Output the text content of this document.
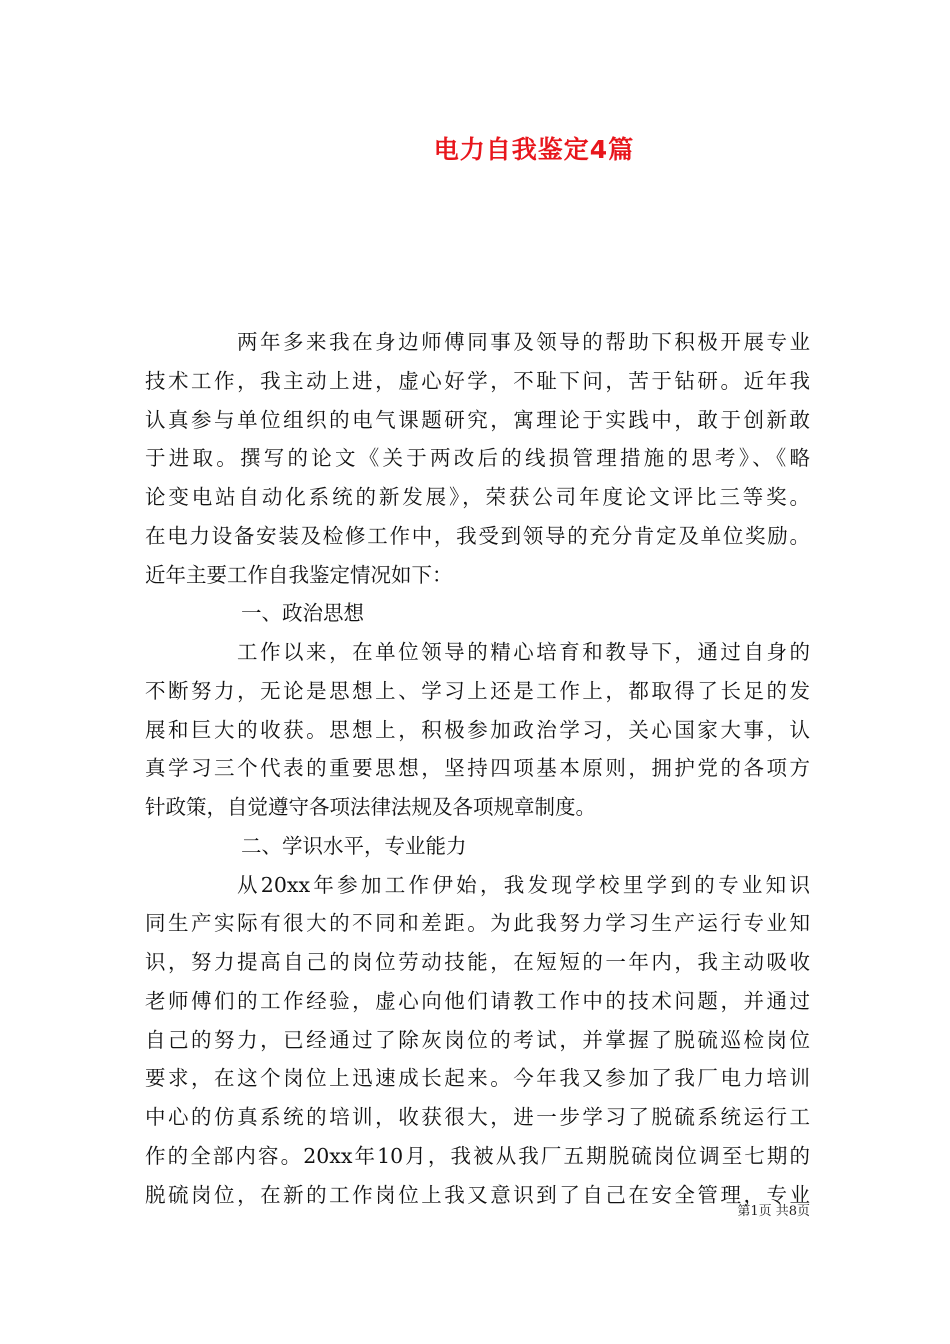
电力自我鉴定4篇
两年多来我在身边师傅同事及领导的帮助下积极开展专业
技术工作，我主动上进，虚心好学，不耻下问，苦于钻研。近年我
认真参与单位组织的电气课题研究，寓理论于实践中，敢于创新敢
于进取。撰写的论文《关于两改后的线损管理措施的思考》、《略
论变电站自动化系统的新发展》，荣获公司年度论文评比三等奖。
在电力设备安装及检修工作中，我受到领导的充分肯定及单位奖励。
近年主要工作自我鉴定情况如下：
一、政治思想
工作以来，在单位领导的精心培育和教导下，通过自身的
不断努力，无论是思想上、学习上还是工作上，都取得了长足的发
展和巨大的收获。思想上，积极参加政治学习，关心国家大事，认
真学习三个代表的重要思想，坚持四项基本原则，拥护党的各项方
针政策，自觉遵守各项法律法规及各项规章制度。
二、学识水平，专业能力
从20xx年参加工作伊始，我发现学校里学到的专业知识
同生产实际有很大的不同和差距。为此我努力学习生产运行专业知
识，努力提高自己的岗位劳动技能，在短短的一年内，我主动吸收
老师傅们的工作经验，虚心向他们请教工作中的技术问题，并通过
自己的努力，已经通过了除灰岗位的考试，并掌握了脱硫巡检岗位
要求，在这个岗位上迅速成长起来。今年我又参加了我厂电力培训
中心的仿真系统的培训，收获很大，进一步学习了脱硫系统运行工
作的全部内容。20xx年10月，我被从我厂五期脱硫岗位调至七期的
脱硫岗位，在新的工作岗位上我又意识到了自己在安全管理，专业
第1页 共8页
